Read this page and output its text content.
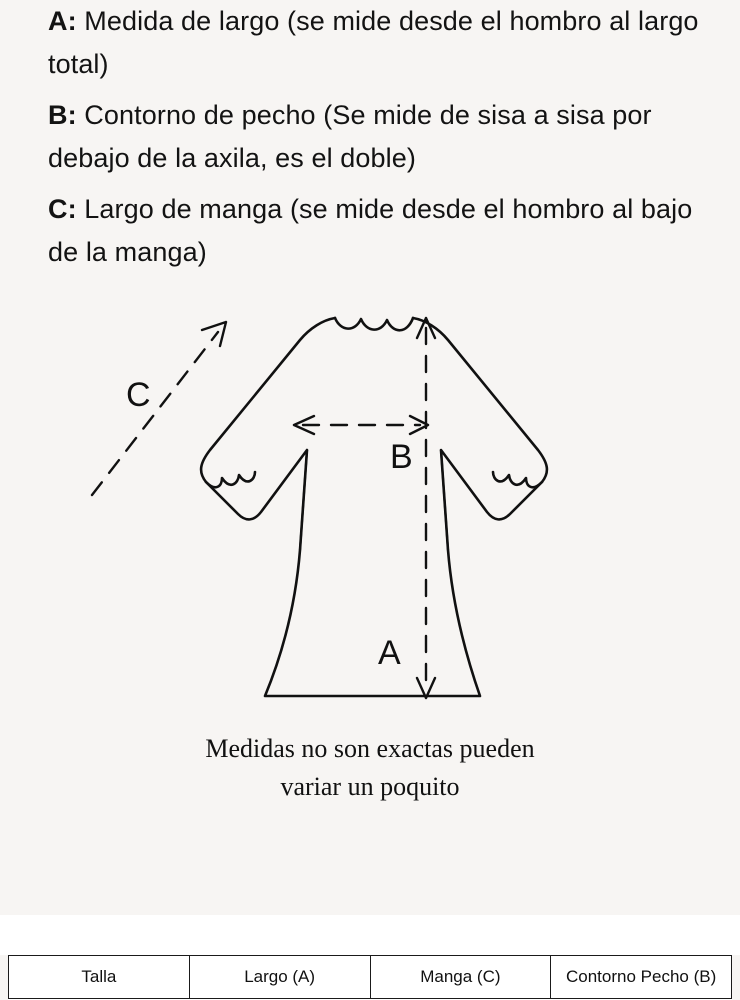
A: Medida de largo (se mide desde el hombro al largo total)

B: Contorno de pecho (Se mide de sisa a sisa por debajo de la axila, es el doble)

C: Largo de manga (se mide desde el hombro al bajo de la manga)

B
A
C
Medidas no son exactas pueden
variar un poquito
Talla	Largo (A)	Manga (C)	Contorno Pecho (B)
